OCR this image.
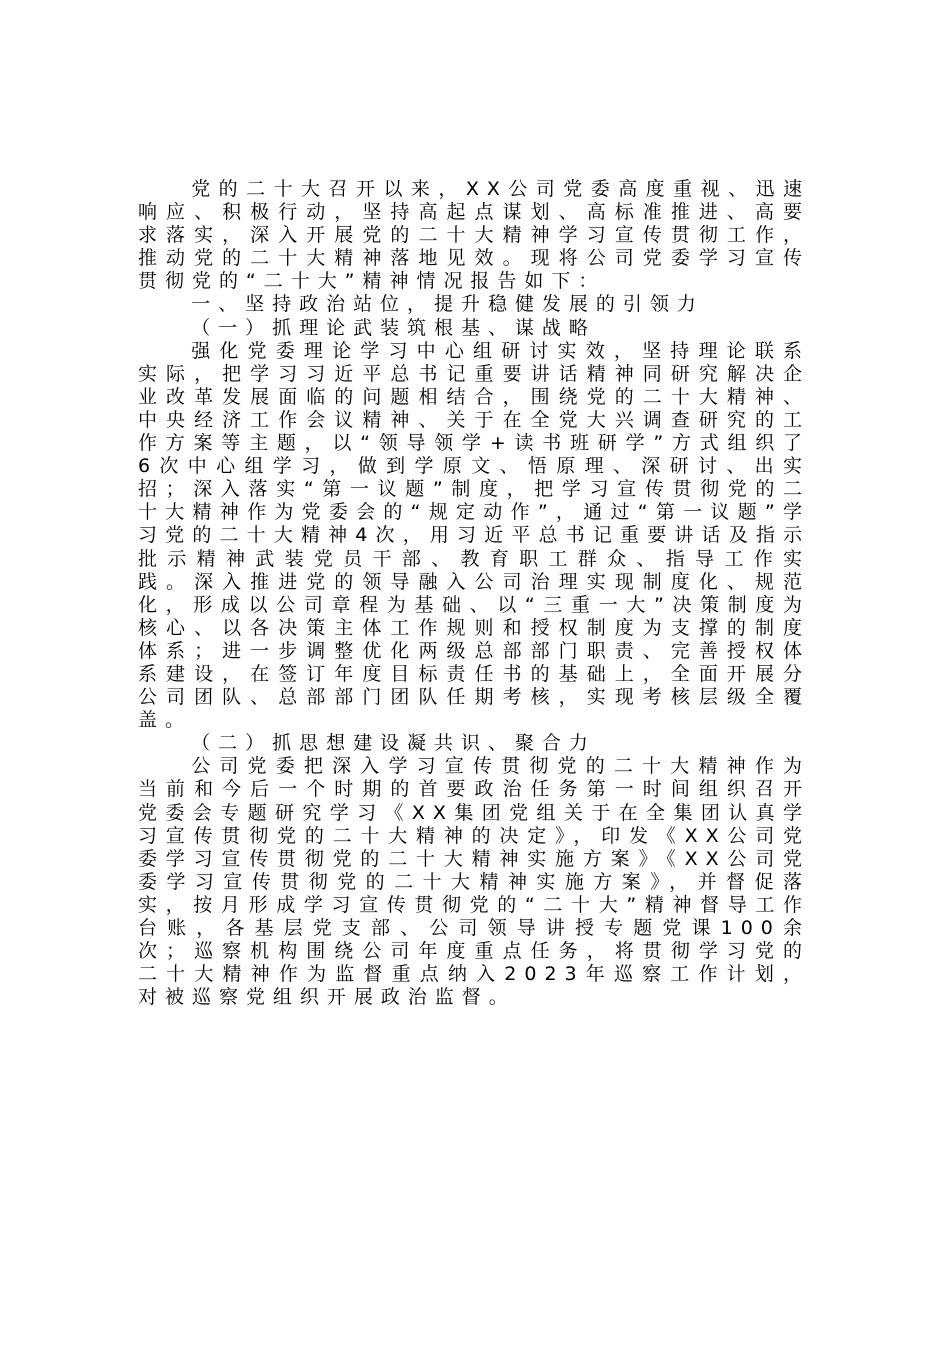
党的二十大召开以来，XX公司党委高度重视、迅速响应、积极行动，坚持高起点谋划、高标准推进、高要求落实，深入开展党的二十大精神学习宣传贯彻工作，推动党的二十大精神落地见效。现将公司党委学习宣传贯彻党的“二十大”精神情况报告如下：

一、坚持政治站位，提升稳健发展的引领力

（一）抓理论武装筑根基、谋战略

强化党委理论学习中心组研讨实效，坚持理论联系实际，把学习习近平总书记重要讲话精神同研究解决企业改革发展面临的问题相结合，围绕党的二十大精神、中央经济工作会议精神、关于在全党大兴调查研究的工作方案等主题，以“领导领学+读书班研学”方式组织了6次中心组学习，做到学原文、悟原理、深研讨、出实招；深入落实“第一议题”制度，把学习宣传贯彻党的二十大精神作为党委会的“规定动作”，通过“第一议题”学习党的二十大精神4次，用习近平总书记重要讲话及指示批示精神武装党员干部、教育职工群众、指导工作实践。深入推进党的领导融入公司治理实现制度化、规范化，形成以公司章程为基础、以“三重一大”决策制度为核心、以各决策主体工作规则和授权制度为支撑的制度体系；进一步调整优化两级总部部门职责、完善授权体系建设，在签订年度目标责任书的基础上，全面开展分公司团队、总部部门团队任期考核，实现考核层级全覆盖。

（二）抓思想建设凝共识、聚合力

公司党委把深入学习宣传贯彻党的二十大精神作为当前和今后一个时期的首要政治任务第一时间组织召开党委会专题研究学习《XX集团党组关于在全集团认真学习宣传贯彻党的二十大精神的决定》，印发《XX公司党委学习宣传贯彻党的二十大精神实施方案》《XX公司党委学习宣传贯彻党的二十大精神实施方案》，并督促落实，按月形成学习宣传贯彻党的“二十大”精神督导工作台账，各基层党支部、公司领导讲授专题党课100余次；巡察机构围绕公司年度重点任务，将贯彻学习党的二十大精神作为监督重点纳入2023年巡察工作计划，对被巡察党组织开展政治监督。
